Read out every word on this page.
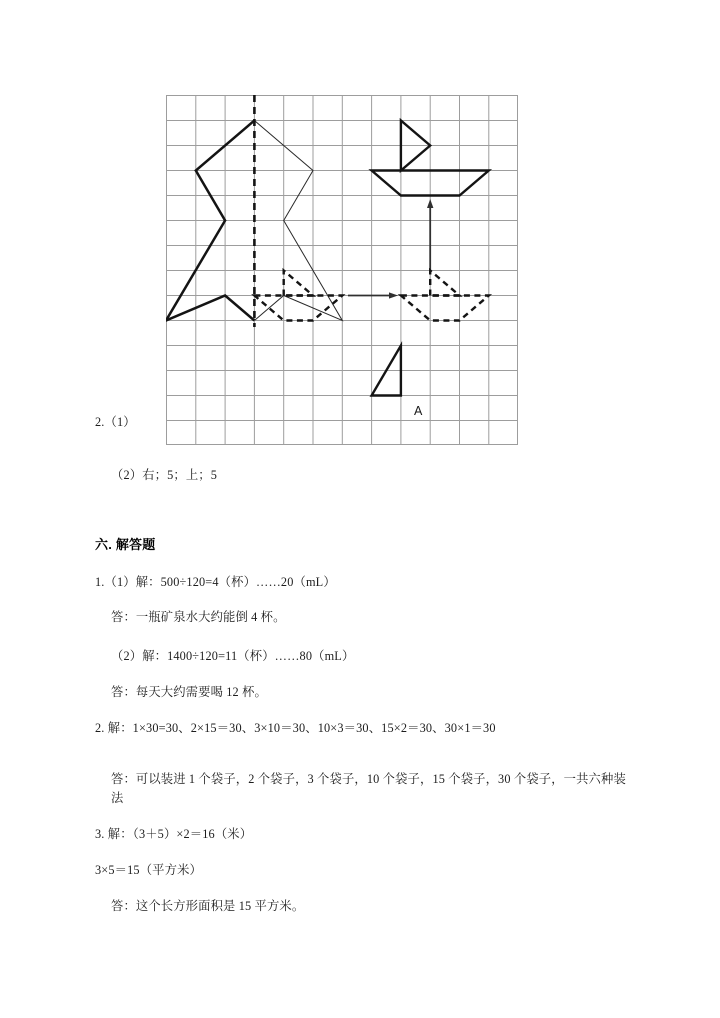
A
2.（1）
（2）右；5；上；5
六. 解答题
1.（1）解：500÷120=4（杯）……20（mL）
答：一瓶矿泉水大约能倒 4 杯。
（2）解：1400÷120=11（杯）……80（mL）
答：每天大约需要喝 12 杯。
2. 解：1×30=30、2×15＝30、3×10＝30、10×3＝30、15×2＝30、30×1＝30
答：可以装进 1 个袋子，2 个袋子，3 个袋子，10 个袋子，15 个袋子，30 个袋子，一共六种装法
3. 解：（3＋5）×2＝16（米）
3×5＝15（平方米）
答：这个长方形面积是 15 平方米。
